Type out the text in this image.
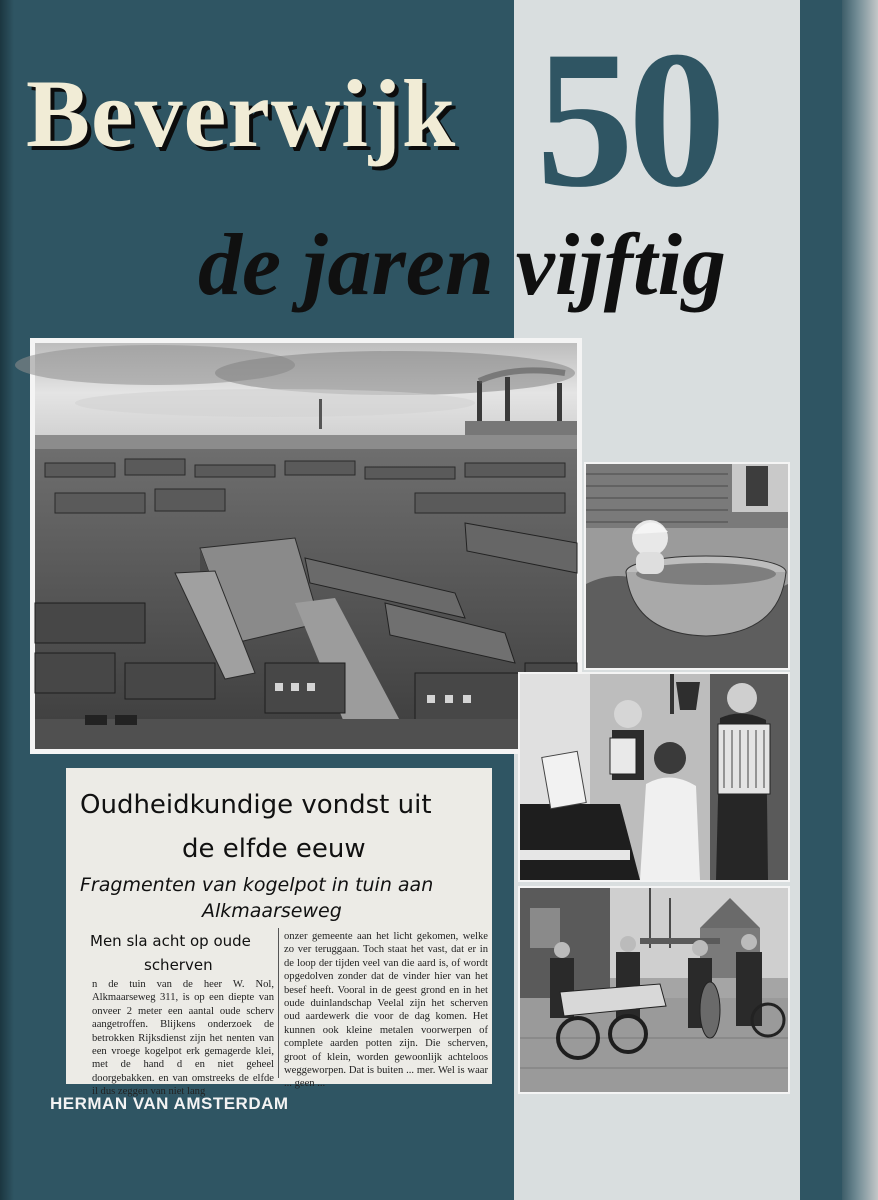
Beverwijk 50
de jaren vijftig
Oudheidkundige vondst uit
de elfde eeuw
Fragmenten van kogelpot in tuin aan
Alkmaarseweg
Men sla acht op oude
scherven

n de tuin van de heer W. Nol, Alkmaarseweg 311, is op een diepte van onveer 2 meter een aantal oude scherv aangetroffen. Blijkens onderzoek de betrokken Rijksdienst zijn het nenten van een vroege kogelpot erk gemagerde klei, met de hand d en niet geheel doorgebakken. en van omstreeks de elfde il dus zeggen van niet lang

onzer gemeente aan het licht gekomen, welke zo ver teruggaan. Toch staat het vast, dat er in de loop der tijden veel van die aard is, of wordt opgedolven zonder dat de vinder hier van het besef heeft. Vooral in de geest grond en in het oude duinlandschap Veelal zijn het scherven oud aardewerk die voor de dag komen. Het kunnen ook kleine metalen voorwerpen of complete aarden potten zijn. Die scherven, groot of klein, worden gewoonlijk achteloos weggeworpen. Dat is buiten ... mer. Wel is waar ... geen ...

HERMAN VAN AMSTERDAM
